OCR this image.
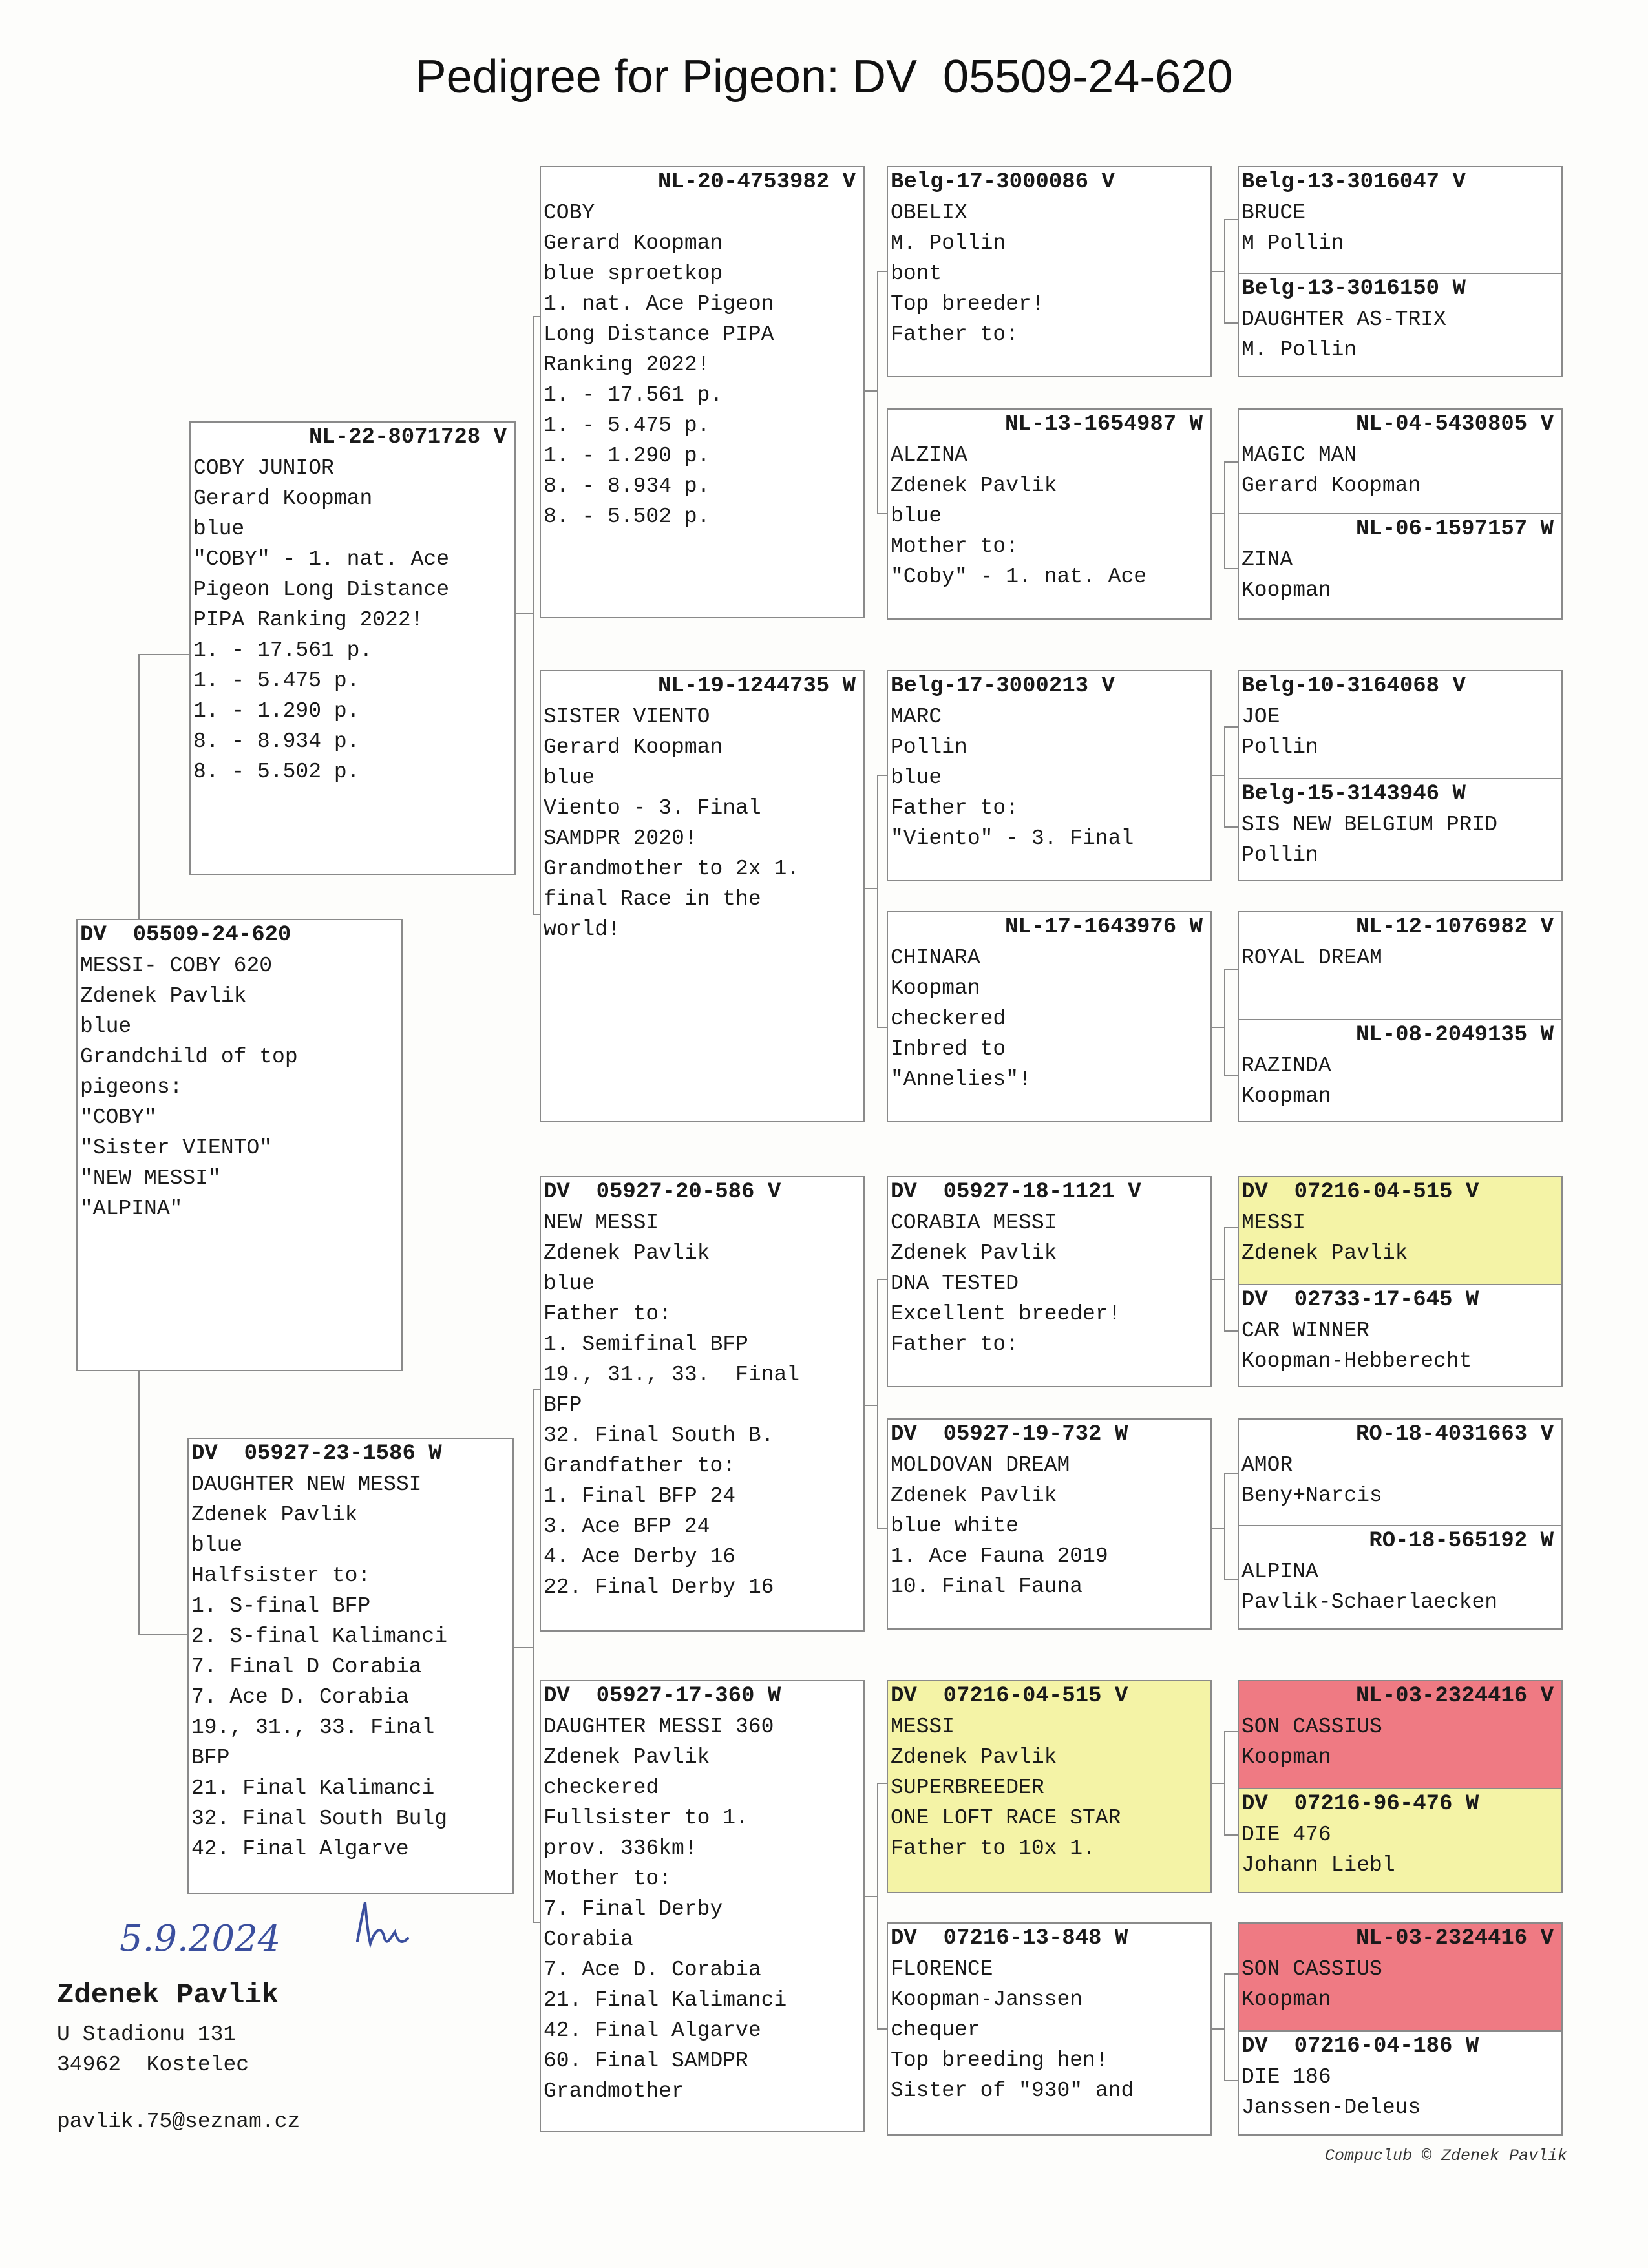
Pedigree for Pigeon: DV  05509-24-620
DV  05509-24-620
MESSI- COBY 620
Zdenek Pavlik
blue
Grandchild of top
pigeons:
"COBY"
"Sister VIENTO"
"NEW MESSI"
"ALPINA"
NL-22-8071728 V
COBY JUNIOR
Gerard Koopman
blue
"COBY" - 1. nat. Ace
Pigeon Long Distance
PIPA Ranking 2022!
1. - 17.561 p.
1. - 5.475 p.
1. - 1.290 p.
8. - 8.934 p.
8. - 5.502 p.
DV  05927-23-1586 W
DAUGHTER NEW MESSI
Zdenek Pavlik
blue
Halfsister to:
1. S-final BFP
2. S-final Kalimanci
7. Final D Corabia
7. Ace D. Corabia
19., 31., 33. Final
BFP
21. Final Kalimanci
32. Final South Bulg
42. Final Algarve
NL-20-4753982 V
COBY
Gerard Koopman
blue sproetkop
1. nat. Ace Pigeon
Long Distance PIPA
Ranking 2022!
1. - 17.561 p.
1. - 5.475 p.
1. - 1.290 p.
8. - 8.934 p.
8. - 5.502 p.
NL-19-1244735 W
SISTER VIENTO
Gerard Koopman
blue
Viento - 3. Final
SAMDPR 2020!
Grandmother to 2x 1.
final Race in the
world!
DV  05927-20-586 V
NEW MESSI
Zdenek Pavlik
blue
Father to:
1. Semifinal BFP
19., 31., 33.  Final
BFP
32. Final South B.
Grandfather to:
1. Final BFP 24
3. Ace BFP 24
4. Ace Derby 16
22. Final Derby 16
DV  05927-17-360 W
DAUGHTER MESSI 360
Zdenek Pavlik
checkered
Fullsister to 1.
prov. 336km!
Mother to:
7. Final Derby
Corabia
7. Ace D. Corabia
21. Final Kalimanci
42. Final Algarve
60. Final SAMDPR
Grandmother
Belg-17-3000086 V
OBELIX
M. Pollin
bont
Top breeder!
Father to:
NL-13-1654987 W
ALZINA
Zdenek Pavlik
blue
Mother to:
"Coby" - 1. nat. Ace
Belg-17-3000213 V
MARC
Pollin
blue
Father to:
"Viento" - 3. Final
NL-17-1643976 W
CHINARA
Koopman
checkered
Inbred to
"Annelies"!
DV  05927-18-1121 V
CORABIA MESSI
Zdenek Pavlik
DNA TESTED
Excellent breeder!
Father to:
DV  05927-19-732 W
MOLDOVAN DREAM
Zdenek Pavlik
blue white
1. Ace Fauna 2019
10. Final Fauna
DV  07216-04-515 V
MESSI
Zdenek Pavlik
SUPERBREEDER
ONE LOFT RACE STAR
Father to 10x 1.
DV  07216-13-848 W
FLORENCE
Koopman-Janssen
chequer
Top breeding hen!
Sister of "930" and
Belg-13-3016047 V
BRUCE
M Pollin
Belg-13-3016150 W
DAUGHTER AS-TRIX
M. Pollin
NL-04-5430805 V
MAGIC MAN
Gerard Koopman
NL-06-1597157 W
ZINA
Koopman
Belg-10-3164068 V
JOE
Pollin
Belg-15-3143946 W
SIS NEW BELGIUM PRID
Pollin
NL-12-1076982 V
ROYAL DREAM
NL-08-2049135 W
RAZINDA
Koopman
DV  07216-04-515 V
MESSI
Zdenek Pavlik
DV  02733-17-645 W
CAR WINNER
Koopman-Hebberecht
RO-18-4031663 V
AMOR
Beny+Narcis
RO-18-565192 W
ALPINA
Pavlik-Schaerlaecken
NL-03-2324416 V
SON CASSIUS
Koopman
DV  07216-96-476 W
DIE 476
Johann Liebl
NL-03-2324416 V
SON CASSIUS
Koopman
DV  07216-04-186 W
DIE 186
Janssen-Deleus
5.9.2024
Zdenek Pavlik
U Stadionu 131
34962  Kostelec
pavlik.75@seznam.cz
Compuclub © Zdenek Pavlik
